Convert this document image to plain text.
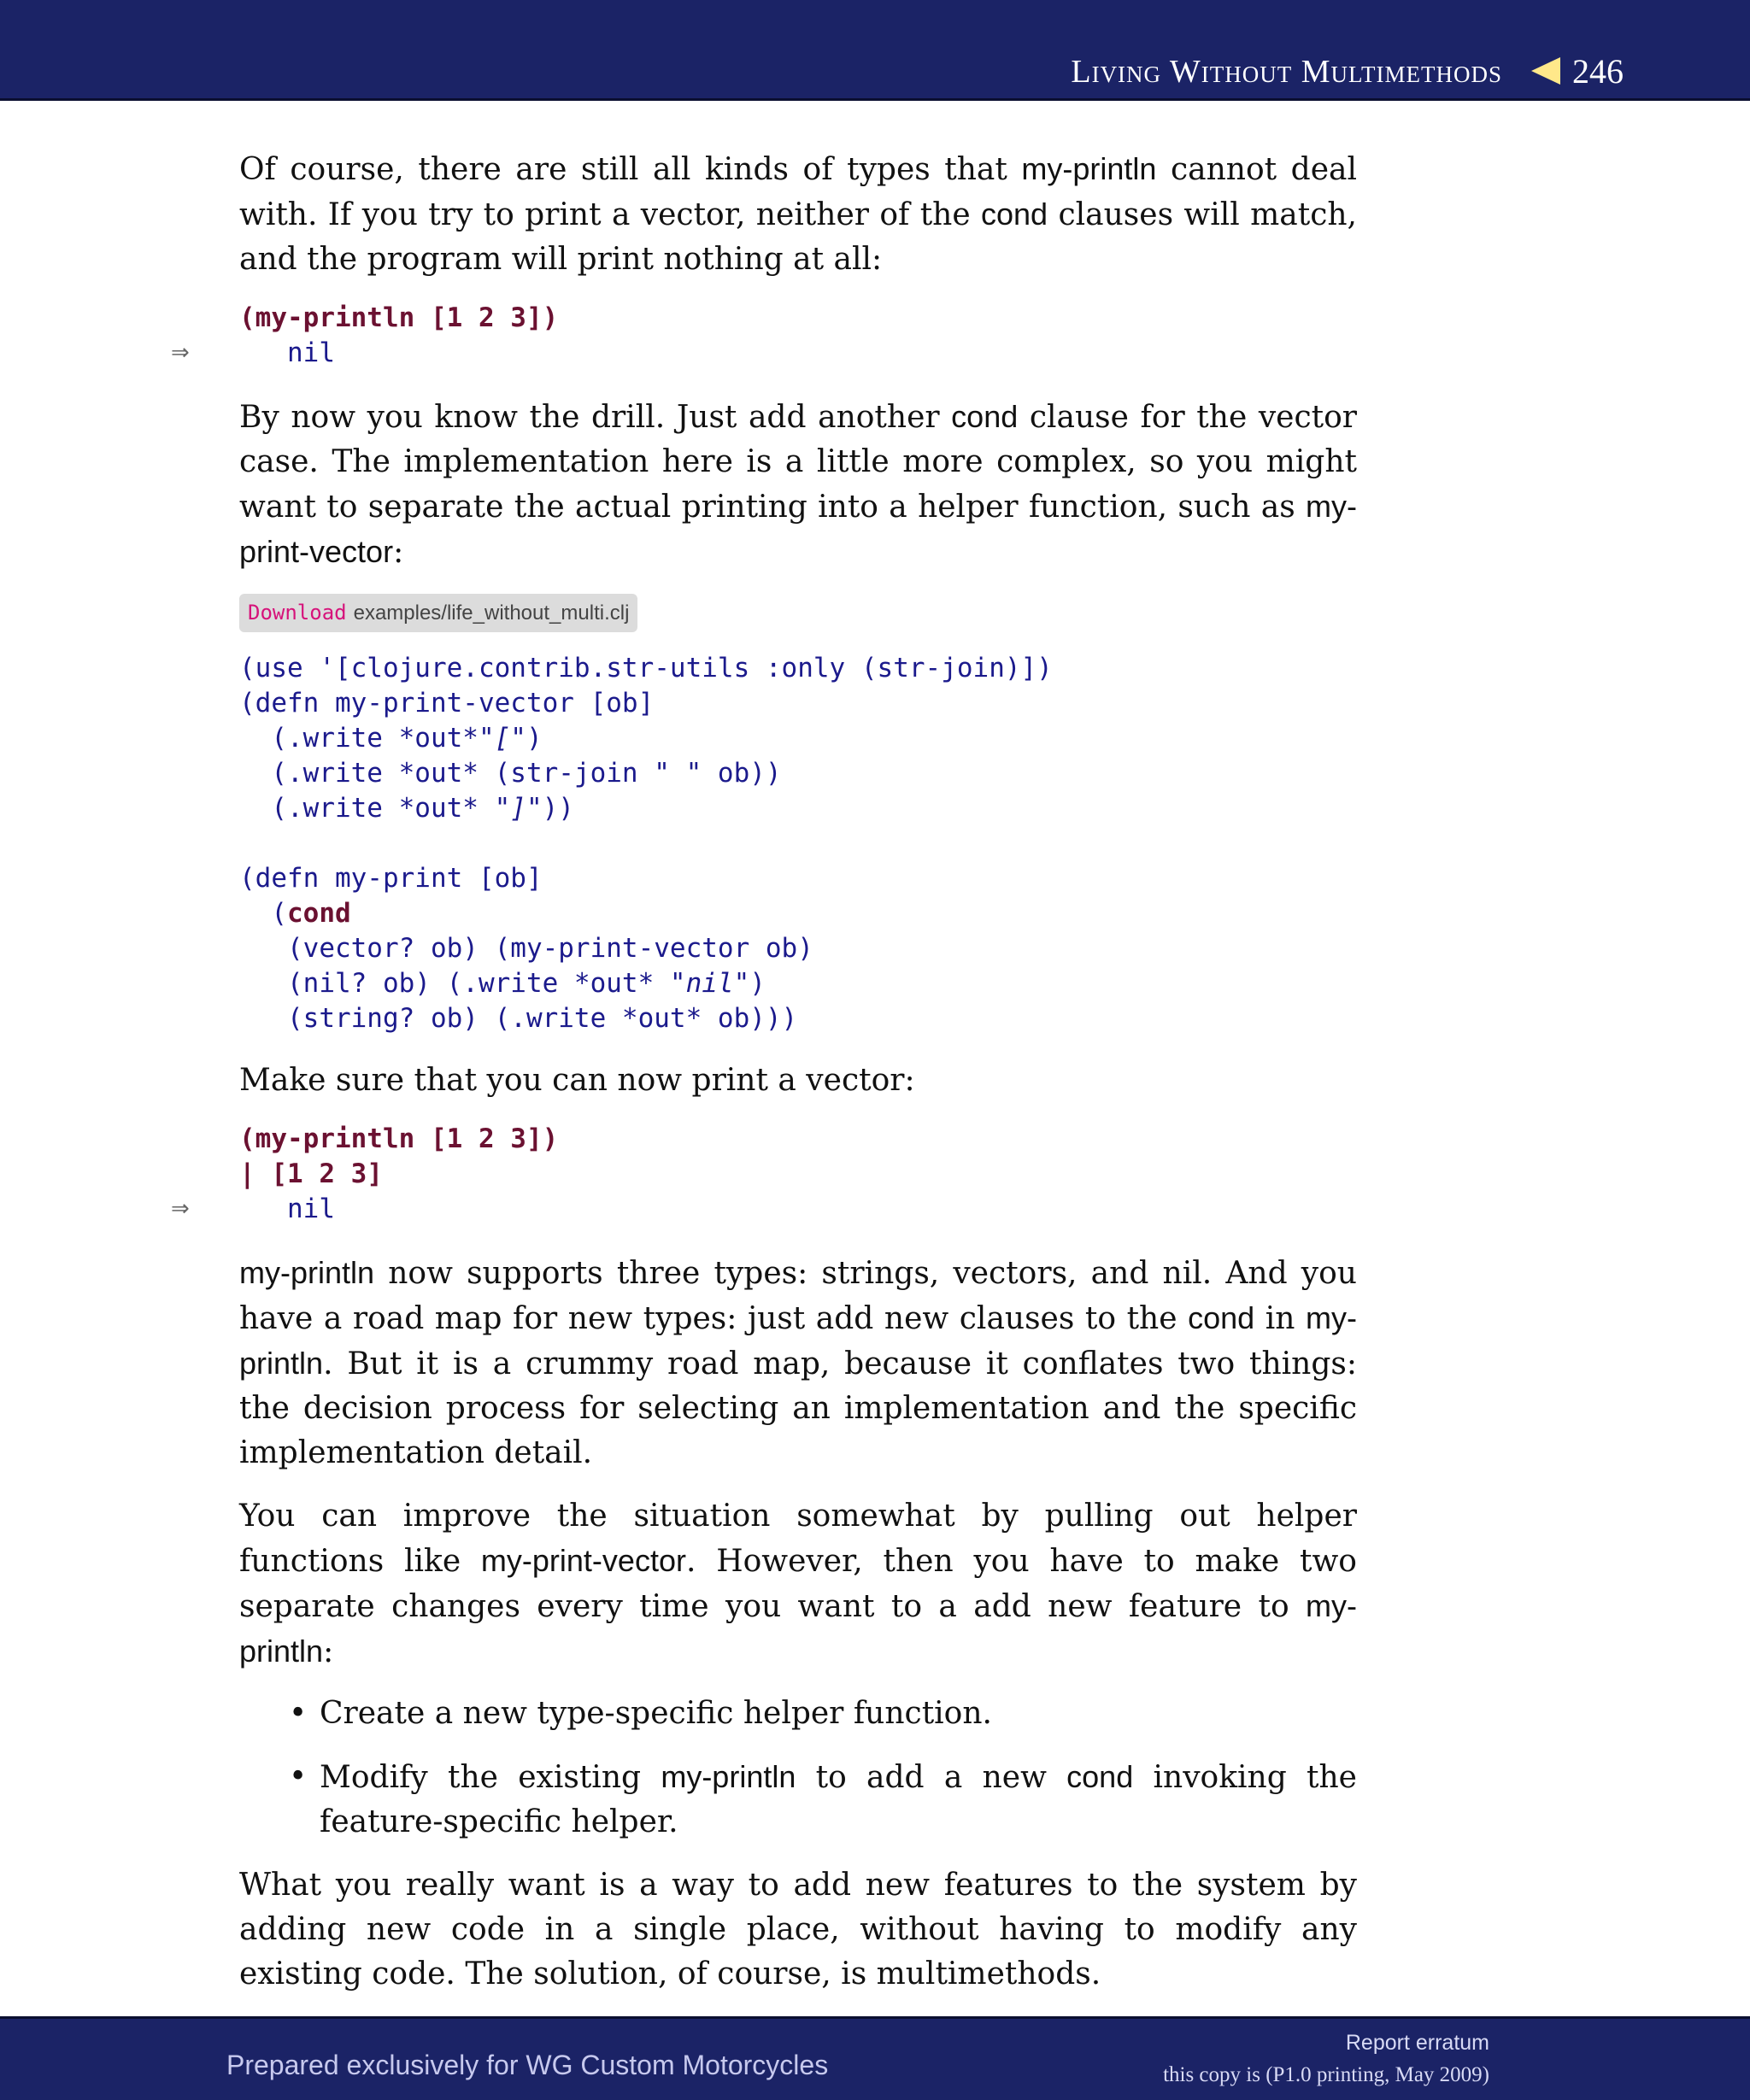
Living Without Multimethods 246

Of course, there are still all kinds of types that my-println cannot deal with. If you try to print a vector, neither of the cond clauses will match, and the program will print nothing at all:

(my-println [1 2 3])
⇒	nil

By now you know the drill. Just add another cond clause for the vector case. The implementation here is a little more complex, so you might want to separate the actual printing into a helper function, such as my-print-vector:

Download examples/life_without_multi.clj
(use '[clojure.contrib.str-utils :only (str-join)])
(defn my-print-vector [ob]
(.write *out*"[")
(.write *out* (str-join " " ob))
(.write *out* "]"))

(defn my-print [ob]
(cond
(vector? ob) (my-print-vector ob)
(nil? ob) (.write *out* "nil")
(string? ob) (.write *out* ob)))

Make sure that you can now print a vector:

(my-println [1 2 3])
| [1 2 3]
⇒	nil

my-println now supports three types: strings, vectors, and nil. And you have a road map for new types: just add new clauses to the cond in my-println. But it is a crummy road map, because it conflates two things: the decision process for selecting an implementation and the specific implementation detail.

You can improve the situation somewhat by pulling out helper functions like my-print-vector. However, then you have to make two separate changes every time you want to a add new feature to my-println:

• Create a new type-specific helper function.
• Modify the existing my-println to add a new cond invoking the feature-specific helper.

What you really want is a way to add new features to the system by adding new code in a single place, without having to modify any existing code. The solution, of course, is multimethods.

Prepared exclusively for WG Custom Motorcycles
Report erratum
this copy is (P1.0 printing, May 2009)
